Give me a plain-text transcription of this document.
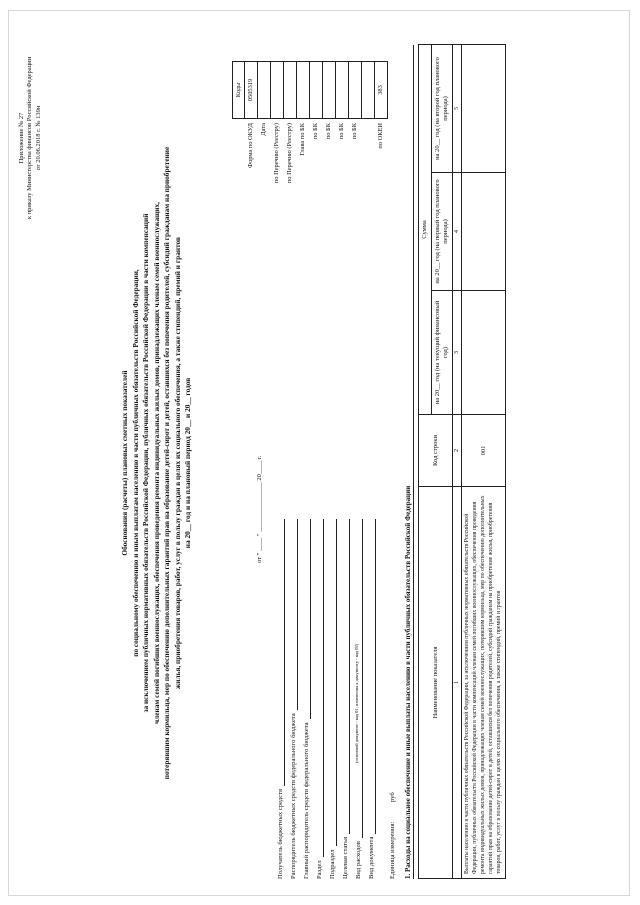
Приложение № 27 к приказу Министерства финансов Российской Федерации от 20.06.2018 г. № 139н
Обоснования (расчеты) плановых сметных показателей по социальному обеспечению и иным выплатам населению в части публичных обязательств Российской Федерации, за исключением публичных нормативных обязательств Российской Федерации, публичных обязательств Российской Федерации в части компенсаций членам семей погибших военнослужащих, обеспечения проведения ремонта индивидуальных жилых домов, принадлежащих членам семей военнослужащих, потерявшим кормильца, мер по обеспечению дополнительных гарантий прав на образование детей-сирот и детей, оставшихся без попечения родителей, субсидий гражданам на приобретение жилья, приобретения товаров, работ, услуг в пользу граждан в целях их социального обеспечения, а также стипендий, премий и грантов на 20__ год и на плановый период 20__ и 20__ годов	от " ____ " _______________ 20____ г.
	Коды
Форма по ОКУД	0505319
Дата	
по Перечню (Реестру)	
по Перечню (Реестру)	
Глава по БК	
по БК	
по БК	
по БК	
по БК	

по ОКЕИ	383
Получатель бюджетных средств Распорядитель бюджетных средств федерального бюджета Главный распорядитель средств федерального бюджета Раздел Подраздел Целевая статья Вид расходов Вид документа
(основной документ - код 01; изменения к документу - код 02)
Единица измерения: руб 1. Расходы на социальное обеспечение и иные выплаты населению в части публичных обязательств Российской Федерации	Наименование показателя	Код строки	Сумма		
		на 20__ год (на текущий финансовый год)	на 20__ год (на первый год планового периода)	на 20__ год (на второй год планового периода)
1	2	3	4	5
Выплаты населению в части публичных обязательств Российской Федерации, за исключением публичных нормативных обязательств Российской Федерации, публичных обязательств Российской Федерации в части компенсаций членам семей погибших военнослужащих, обеспечения проведения ремонта индивидуальных жилых домов, принадлежащих членам семей военнослужащих, потерявшим кормильца, мер по обеспечению дополнительных гарантий прав на образование детей-сирот и детей, оставшихся без попечения родителей, субсидий гражданам на приобретение жилья, приобретения товаров, работ, услуг в пользу граждан в целях их социального обеспечения, а также стипендий, премий и грантов	001			
